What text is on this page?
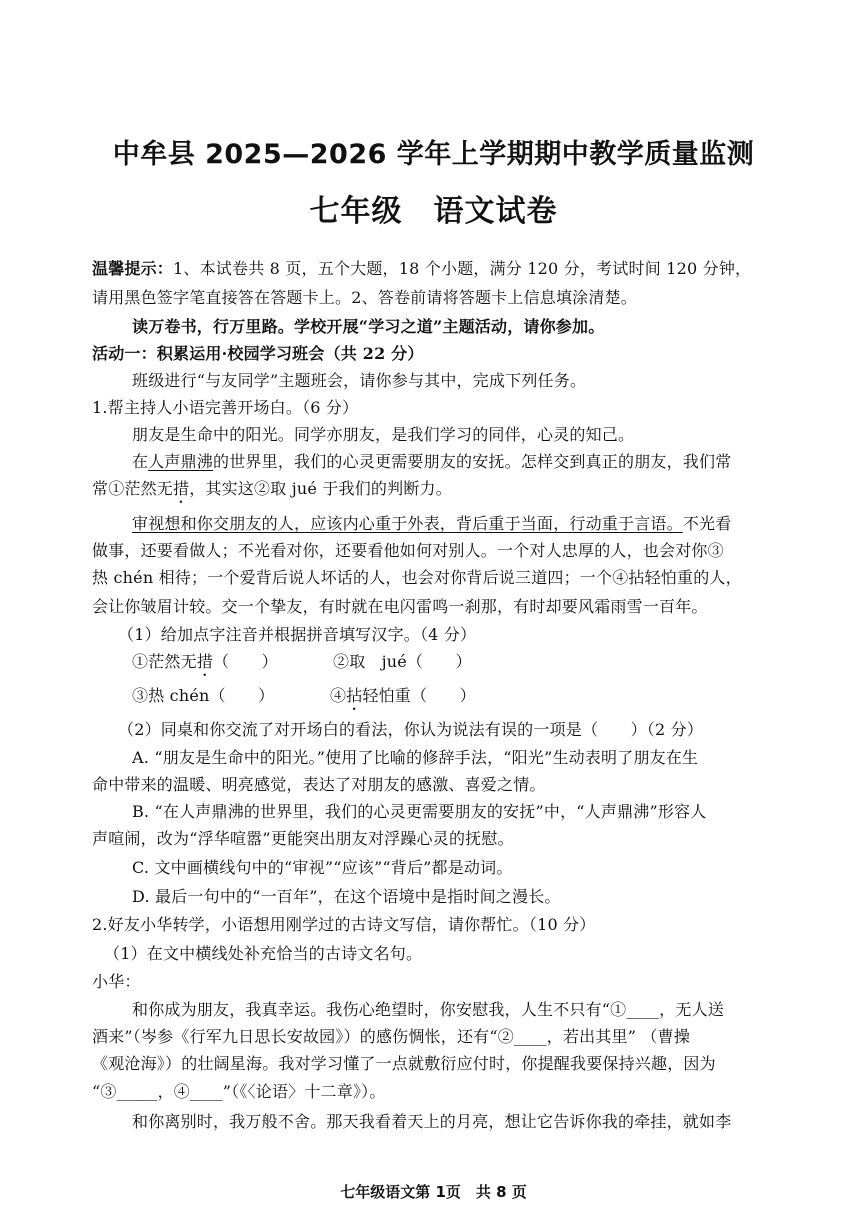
中牟县 2025—2026 学年上学期期中教学质量监测
七年级　语文试卷
温馨提示：1、本试卷共 8 页，五个大题，18 个小题，满分 120 分，考试时间 120 分钟，
请用黑色签字笔直接答在答题卡上。2、答卷前请将答题卡上信息填涂清楚。
读万卷书，行万里路。学校开展“学习之道”主题活动，请你参加。
活动一：积累运用·校园学习班会（共 22 分）
班级进行“与友同学”主题班会，请你参与其中，完成下列任务。
1.帮主持人小语完善开场白。（6 分）
朋友是生命中的阳光。同学亦朋友，是我们学习的同伴，心灵的知己。
在人声鼎沸的世界里，我们的心灵更需要朋友的安抚。怎样交到真正的朋友，我们常
常①茫然无措，其实这②取 jué 于我们的判断力。
审视想和你交朋友的人，应该内心重于外表，背后重于当面，行动重于言语。不光看
做事，还要看做人；不光看对你，还要看他如何对别人。一个对人忠厚的人，也会对你③
热 chén 相待；一个爱背后说人坏话的人，也会对你背后说三道四；一个④拈轻怕重的人，
会让你皱眉计较。交一个挚友，有时就在电闪雷鸣一刹那，有时却要风霜雨雪一百年。
（1）给加点字注音并根据拼音填写汉字。（4 分）
①茫然无措（　　）	②取　jué（　　）
③热 chén（　　）	④拈轻怕重（　　）
（2）同桌和你交流了对开场白的看法，你认为说法有误的一项是（　　）（2 分）
A. “朋友是生命中的阳光。”使用了比喻的修辞手法，“阳光”生动表明了朋友在生
命中带来的温暖、明亮感觉，表达了对朋友的感激、喜爱之情。
B. “在人声鼎沸的世界里，我们的心灵更需要朋友的安抚”中，“人声鼎沸”形容人
声喧闹，改为“浮华喧嚣”更能突出朋友对浮躁心灵的抚慰。
C. 文中画横线句中的“审视”“应该”“背后”都是动词。
D. 最后一句中的“一百年”，在这个语境中是指时间之漫长。
2.好友小华转学，小语想用刚学过的古诗文写信，请你帮忙。（10 分）
（1）在文中横线处补充恰当的古诗文名句。
小华：
和你成为朋友，我真幸运。我伤心绝望时，你安慰我，人生不只有“①____，无人送
酒来”（岑参《行军九日思长安故园》）的感伤惆怅，还有“②____，若出其里” （曹操
《观沧海》）的壮阔星海。我对学习懂了一点就敷衍应付时，你提醒我要保持兴趣，因为
“③_____，④____”（《〈论语〉十二章》）。
和你离别时，我万般不舍。那天我看着天上的月亮，想让它告诉你我的牵挂，就如李
七年级语文第 1页　共 8 页
